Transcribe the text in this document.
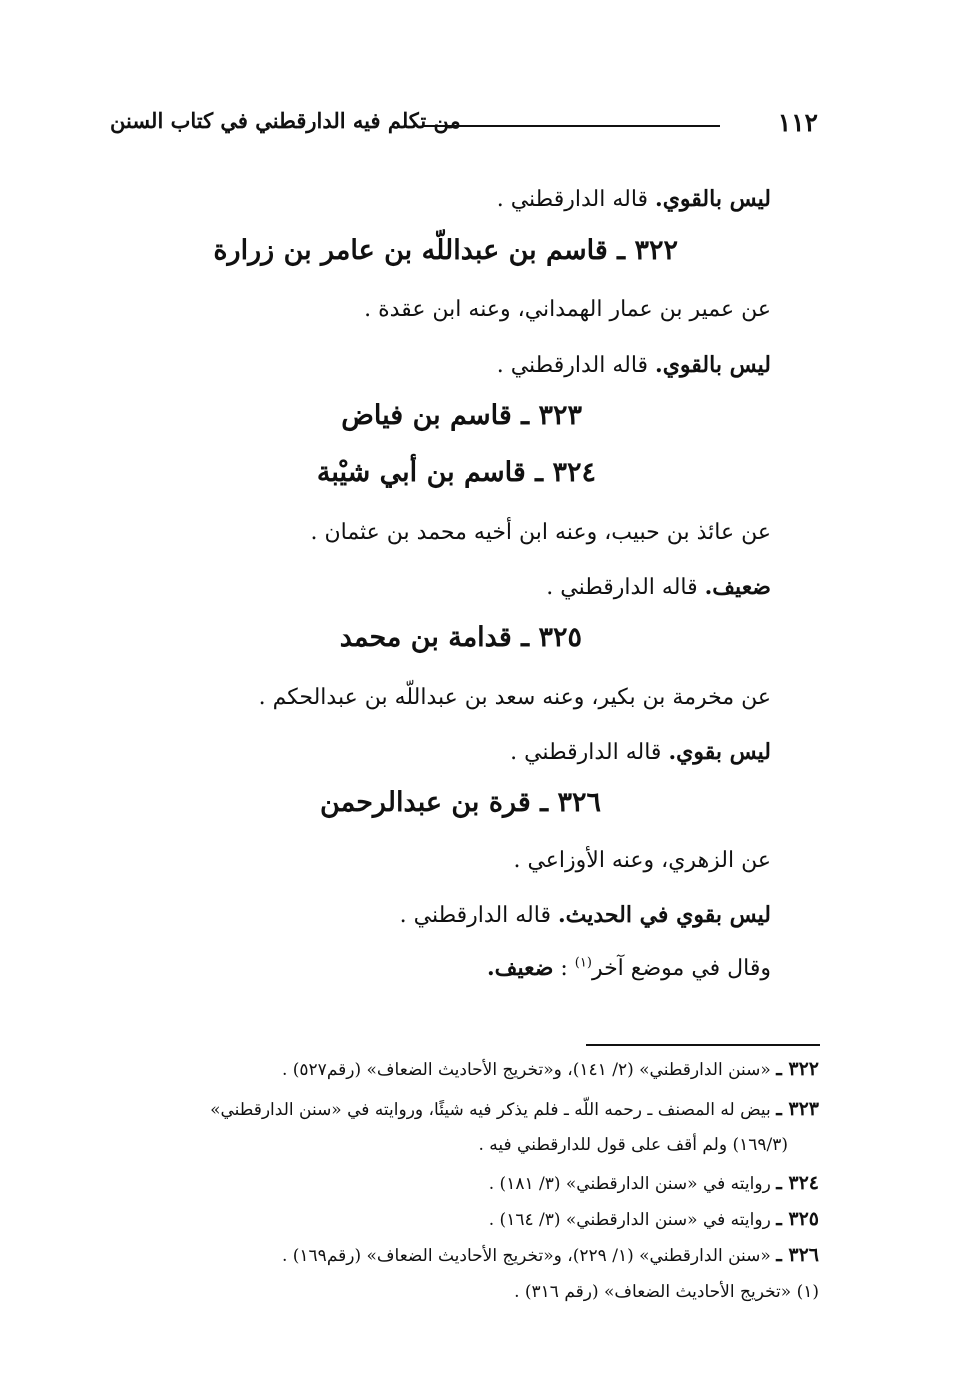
١١٢
من تكلم فيه الدارقطني في كتاب السنن
ليس بالقوي. قاله الدارقطني .
٣٢٢ ـ قاسم بن عبداللّه بن عامر بن زرارة
عن عمير بن عمار الهمداني، وعنه ابن عقدة .
ليس بالقوي. قاله الدارقطني .
٣٢٣ ـ قاسم بن فياض
٣٢٤ ـ قاسم بن أبي شيْبة
عن عائذ بن حبيب، وعنه ابن أخيه محمد بن عثمان .
ضعيف. قاله الدارقطني .
٣٢٥ ـ قدامة بن محمد
عن مخرمة بن بكير، وعنه سعد بن عبداللّه بن عبدالحكم .
ليس بقوي. قاله الدارقطني .
٣٢٦ ـ قرة بن عبدالرحمن
عن الزهري، وعنه الأوزاعي .
ليس بقوي في الحديث. قاله الدارقطني .
وقال في موضع آخر$^{(١)}$ : ضعيف.
٣٢٢ ـ «سنن الدارقطني» (٢/ ١٤١)، و«تخريج الأحاديث الضعاف» (رقم٥٢٧) .
٣٢٣ ـ بيض له المصنف ـ رحمه اللّه ـ فلم يذكر فيه شيئًا، وروايته في «سنن الدارقطني»
(١٦٩/٣) ولم أقف على قول للدارقطني فيه .
٣٢٤ ـ روايته في «سنن الدارقطني» (٣/ ١٨١) .
٣٢٥ ـ روايته في «سنن الدارقطني» (٣/ ١٦٤) .
٣٢٦ ـ «سنن الدارقطني» (١/ ٢٢٩)، و«تخريج الأحاديث الضعاف» (رقم١٦٩) .
(١) «تخريج الأحاديث الضعاف» (رقم ٣١٦) .
